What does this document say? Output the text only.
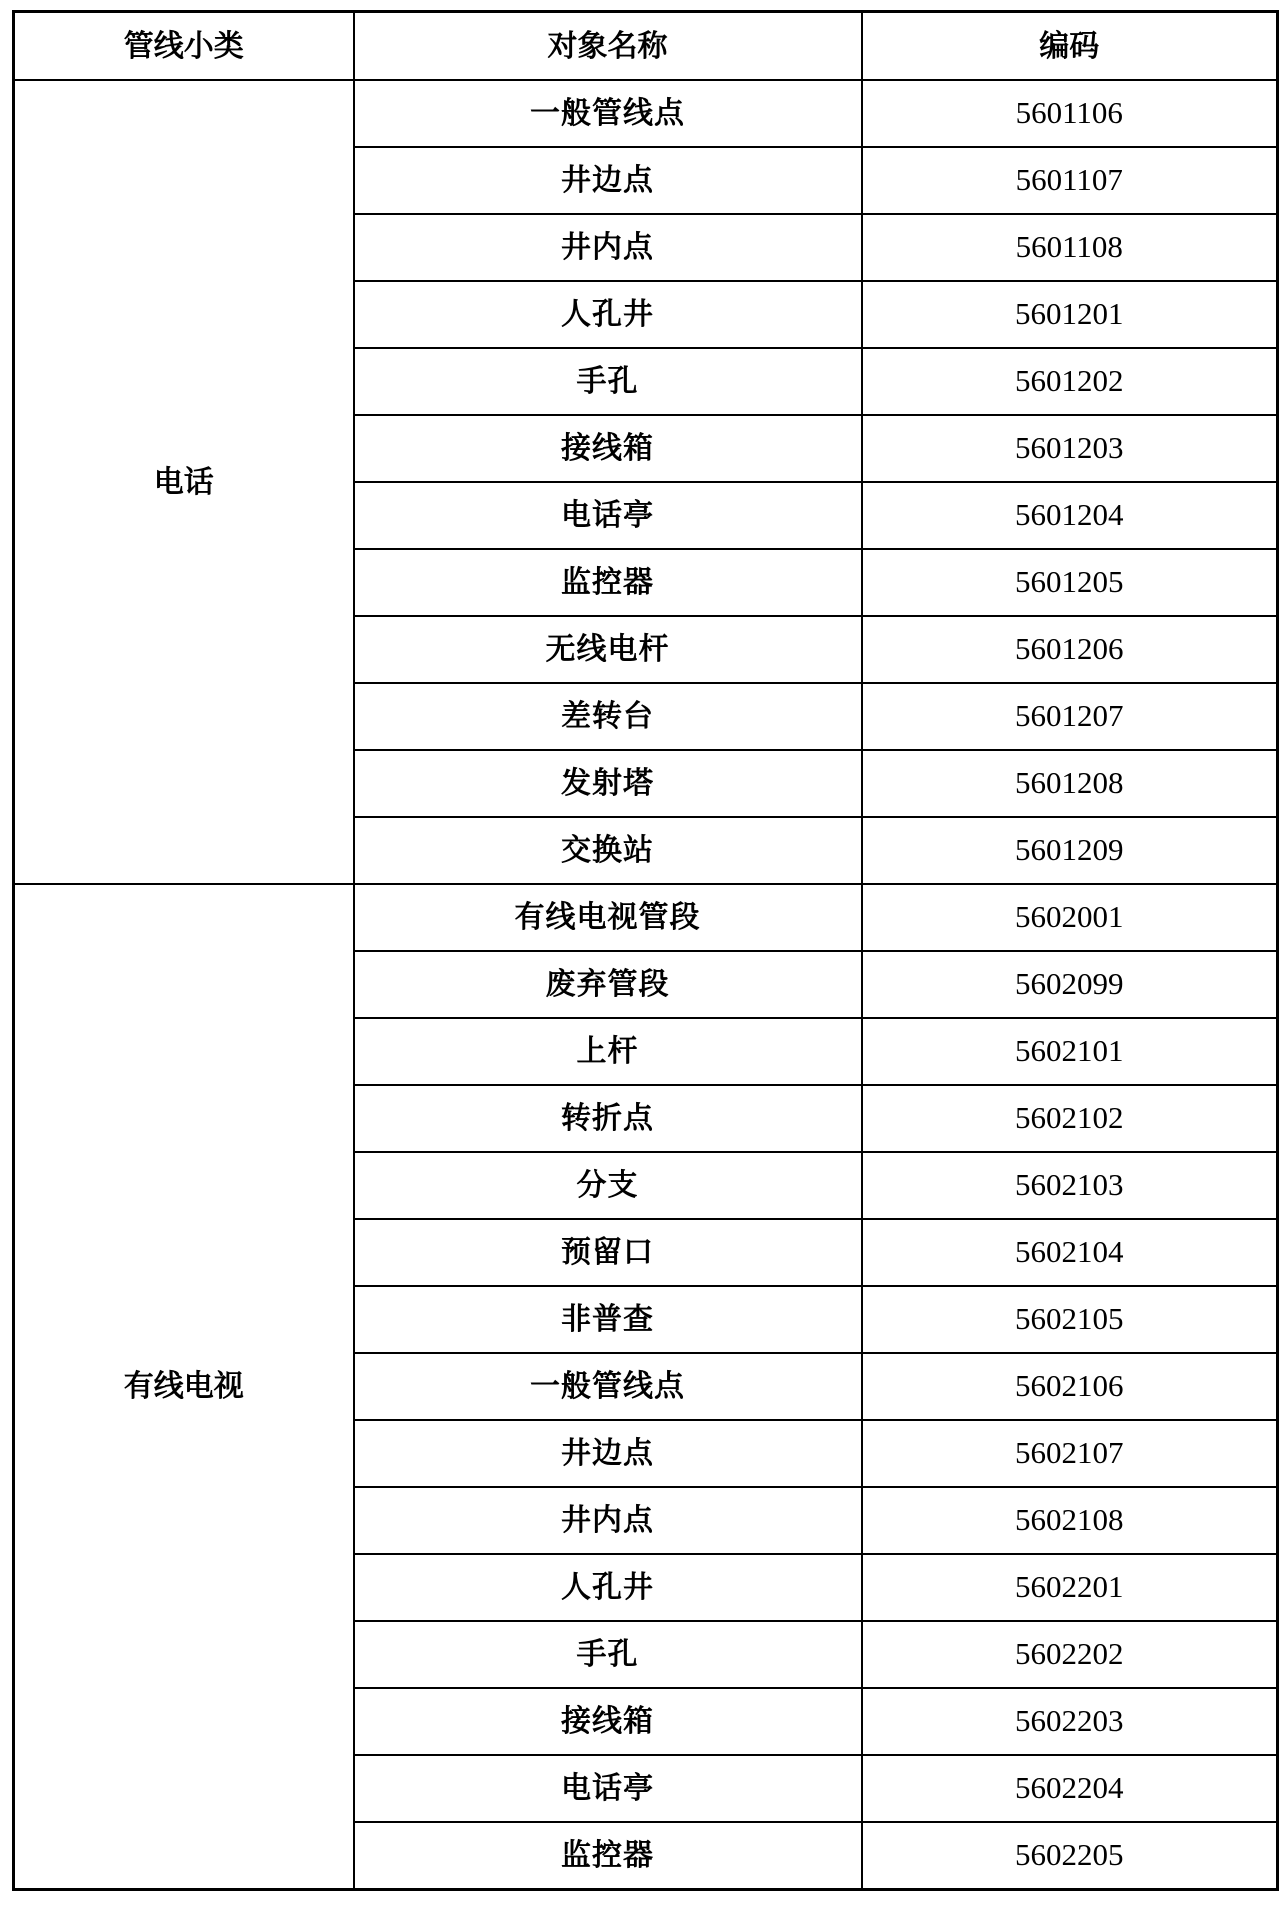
管线小类	对象名称	编码
电话	一般管线点	5601106
	井边点	5601107
	井内点	5601108
	人孔井	5601201
	手孔	5601202
	接线箱	5601203
	电话亭	5601204
	监控器	5601205
	无线电杆	5601206
	差转台	5601207
	发射塔	5601208
	交换站	5601209
有线电视	有线电视管段	5602001
	废弃管段	5602099
	上杆	5602101
	转折点	5602102
	分支	5602103
	预留口	5602104
	非普查	5602105
	一般管线点	5602106
	井边点	5602107
	井内点	5602108
	人孔井	5602201
	手孔	5602202
	接线箱	5602203
	电话亭	5602204
	监控器	5602205
